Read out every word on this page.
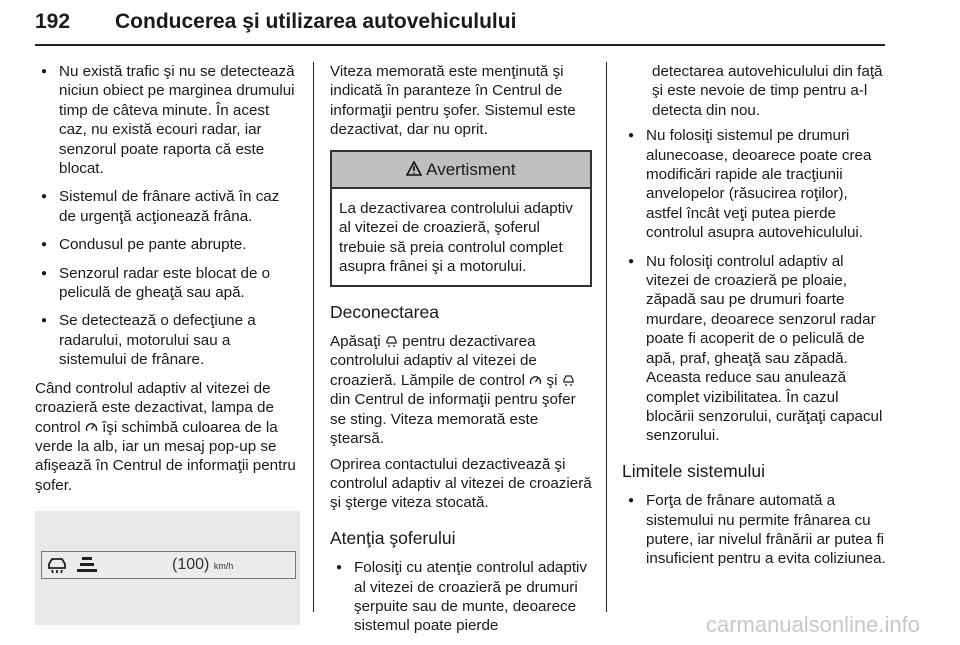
192 Conducerea şi utilizarea autovehiculului
● Nu există trafic şi nu se detectează niciun obiect pe marginea drumului timp de câteva minute. În acest caz, nu există ecouri radar, iar senzorul poate raporta că este blocat.
● Sistemul de frânare activă în caz de urgenţă acţionează frâna.
● Condusul pe pante abrupte.
● Senzorul radar este blocat de o peliculă de gheaţă sau apă.
● Se detectează o defecţiune a radarului, motorului sau a sistemului de frânare.

Când controlul adaptiv al vitezei de croazieră este dezactivat, lampa de control îşi schimbă culoarea de la verde la alb, iar un mesaj pop-up se afişează în Centrul de informaţii pentru şofer.

(100) km/h

Viteza memorată este menţinută şi indicată în paranteze în Centrul de informaţii pentru şofer. Sistemul este dezactivat, dar nu oprit.

Avertisment
La dezactivarea controlului adaptiv al vitezei de croazieră, şoferul trebuie să preia controlul complet asupra frânei şi a motorului.
Deconectarea

Apăsaţi pentru dezactivarea controlului adaptiv al vitezei de croazieră. Lămpile de control şi  din Centrul de informaţii pentru şofer se sting. Viteza memorată este ştearsă.

Oprirea contactului dezactivează şi controlul adaptiv al vitezei de croazieră şi şterge viteza stocată.

Atenţia şoferului
● Folosiţi cu atenţie controlul adaptiv al vitezei de croazieră pe drumuri şerpuite sau de munte, deoarece sistemul poate pierde

detectarea autovehiculului din faţă şi este nevoie de timp pentru a-l detecta din nou.

● Nu folosiţi sistemul pe drumuri alunecoase, deoarece poate crea modificări rapide ale tracţiunii anvelopelor (răsucirea roţilor), astfel încât veţi putea pierde controlul asupra autovehiculului.
● Nu folosiţi controlul adaptiv al vitezei de croazieră pe ploaie, zăpadă sau pe drumuri foarte murdare, deoarece senzorul radar poate fi acoperit de o peliculă de apă, praf, gheaţă sau zăpadă. Aceasta reduce sau anulează complet vizibilitatea. În cazul blocării senzorului, curăţaţi capacul senzorului.
Limitele sistemului
● Forţa de frânare automată a sistemului nu permite frânarea cu putere, iar nivelul frânării ar putea fi insuficient pentru a evita coliziunea.
carmanualsonline.info
